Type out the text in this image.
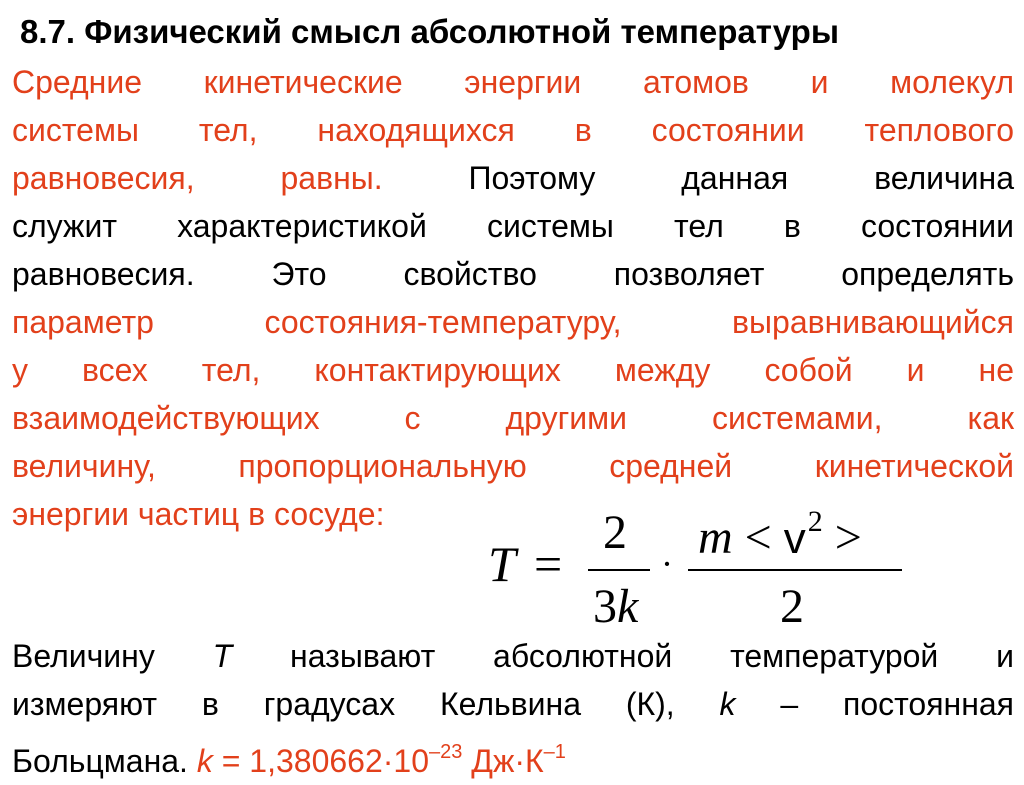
8.7. Физический смысл абсолютной температуры
Средние кинетические энергии атомов и молекул
системы тел, находящихся в состоянии теплового
равновесия, равны.	Поэтому данная величина
служит характеристикой системы тел в состоянии
равновесия. Это свойство позволяет определять
параметр состояния-температуру, выравнивающийся
у всех тел, контактирующих между собой и не
взаимодействующих с другими системами, как
величину, пропорциональную средней кинетической
энергии частиц в сосуде:
T =
2
3k
· $m < v^2$ >
2
Величину T называют абсолютной температурой и
измеряют в градусах Кельвина (К), k – постоянная
Больцмана. $k = 1,380662\cdot 10^{-23}$ $Дж\cdot К^{-1}$
